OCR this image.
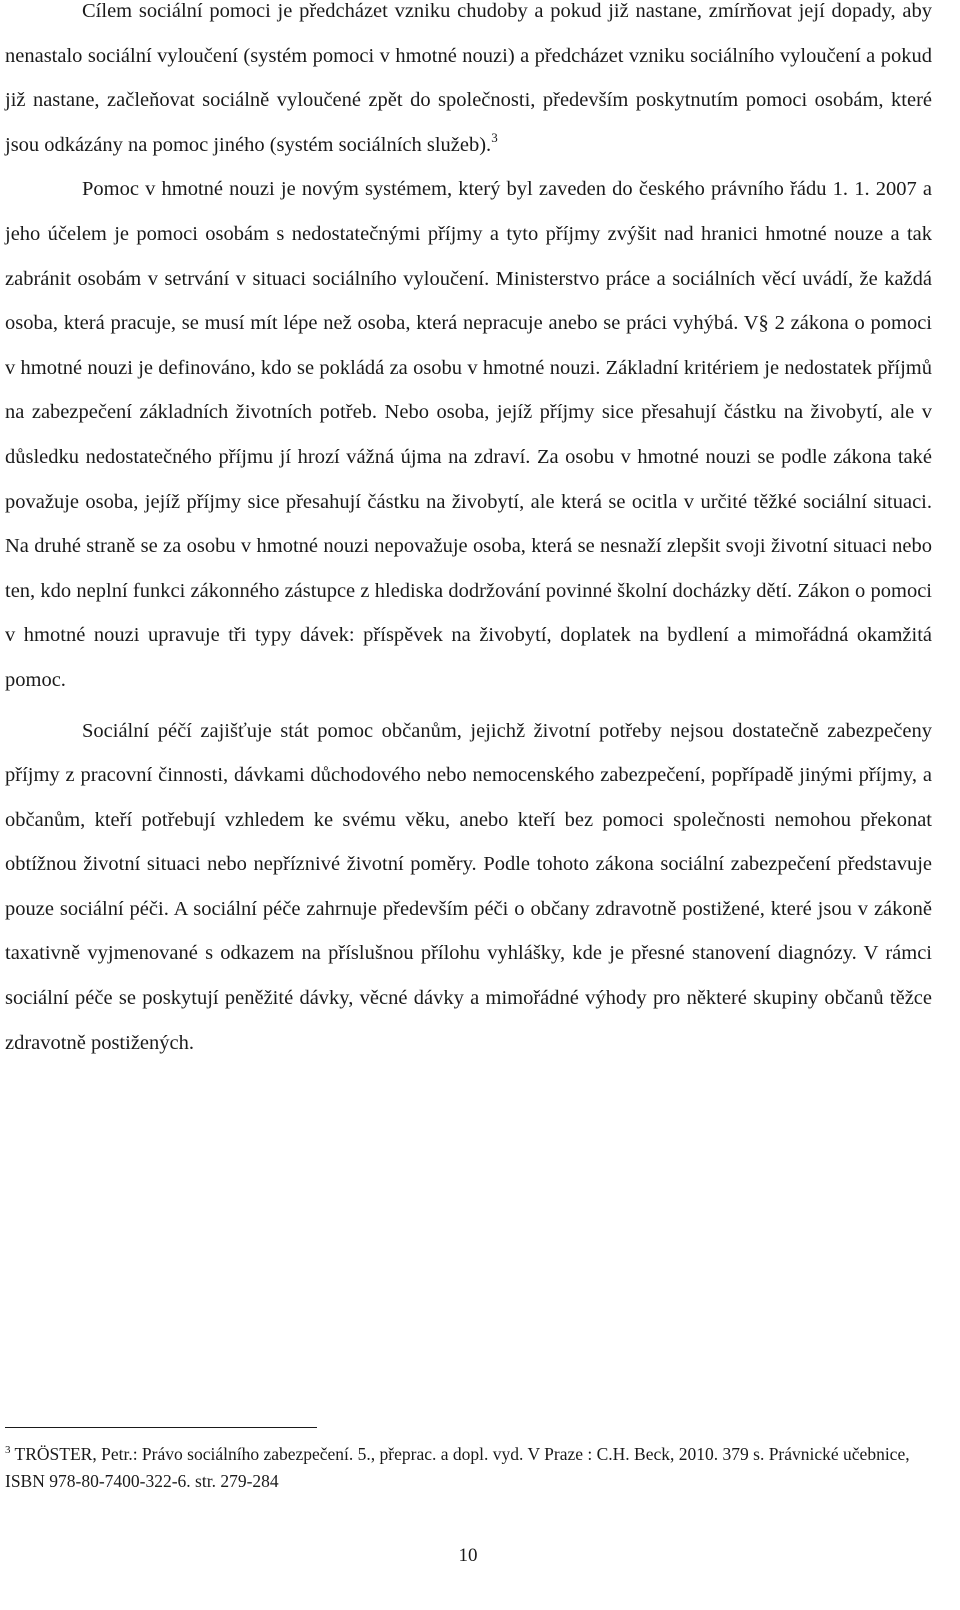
Cílem sociální pomoci je předcházet vzniku chudoby a pokud již nastane, zmírňovat její dopady, aby nenastalo sociální vyloučení (systém pomoci v hmotné nouzi) a předcházet vzniku sociálního vyloučení a pokud již nastane, začleňovat sociálně vyloučené zpět do společnosti, především poskytnutím pomoci osobám, které jsou odkázány na pomoc jiného (systém sociálních služeb).$^3$

Pomoc v hmotné nouzi je novým systémem, který byl zaveden do českého právního řádu 1. 1. 2007 a jeho účelem je pomoci osobám s nedostatečnými příjmy a tyto příjmy zvýšit nad hranici hmotné nouze a tak zabránit osobám v setrvání v situaci sociálního vyloučení. Ministerstvo práce a sociálních věcí uvádí, že každá osoba, která pracuje, se musí mít lépe než osoba, která nepracuje anebo se práci vyhýbá. V§ 2 zákona o pomoci v hmotné nouzi je definováno, kdo se pokládá za osobu v hmotné nouzi. Základní kritériem je nedostatek příjmů na zabezpečení základních životních potřeb. Nebo osoba, jejíž příjmy sice přesahují částku na živobytí, ale v důsledku nedostatečného příjmu jí hrozí vážná újma na zdraví. Za osobu v hmotné nouzi se podle zákona také považuje osoba, jejíž příjmy sice přesahují částku na živobytí, ale která se ocitla v určité těžké sociální situaci. Na druhé straně se za osobu v hmotné nouzi nepovažuje osoba, která se nesnaží zlepšit svoji životní situaci nebo ten, kdo neplní funkci zákonného zástupce z hlediska dodržování povinné školní docházky dětí. Zákon o pomoci v hmotné nouzi upravuje tři typy dávek: příspěvek na živobytí, doplatek na bydlení a mimořádná okamžitá pomoc.

Sociální péčí zajišťuje stát pomoc občanům, jejichž životní potřeby nejsou dostatečně zabezpečeny příjmy z pracovní činnosti, dávkami důchodového nebo nemocenského zabezpečení, popřípadě jinými příjmy, a občanům, kteří potřebují vzhledem ke svému věku, anebo kteří bez pomoci společnosti nemohou překonat obtížnou životní situaci nebo nepříznivé životní poměry. Podle tohoto zákona sociální zabezpečení představuje pouze sociální péči. A sociální péče zahrnuje především péči o občany zdravotně postižené, které jsou v zákoně taxativně vyjmenované s odkazem na příslušnou přílohu vyhlášky, kde je přesné stanovení diagnózy. V rámci sociální péče se poskytují peněžité dávky, věcné dávky a mimořádné výhody pro některé skupiny občanů těžce zdravotně postižených.

$^3$ TRÖSTER, Petr.: Právo sociálního zabezpečení. 5., přeprac. a dopl. vyd. V Praze : C.H. Beck, 2010. 379 s. Právnické učebnice, ISBN 978-80-7400-322-6. str. 279-284

10
